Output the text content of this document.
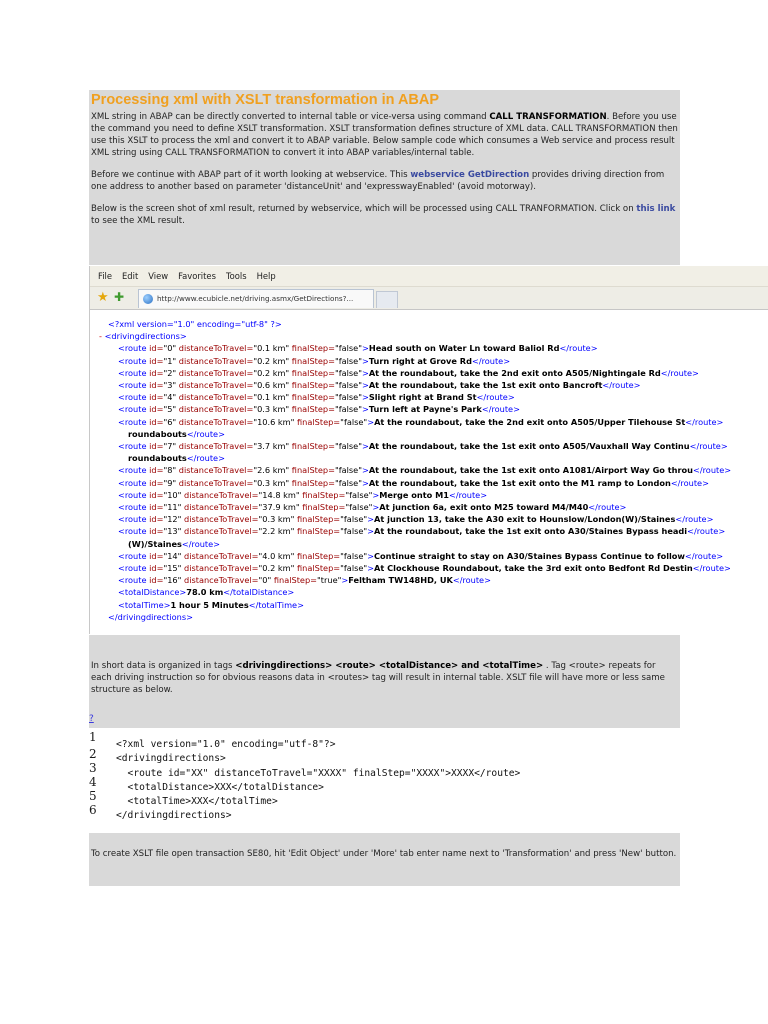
Processing xml with XSLT transformation in ABAP

XML string in ABAP can be directly converted to internal table or vice-versa using command CALL TRANSFORMATION. Before you use the command you need to define XSLT transformation. XSLT transformation defines structure of XML data. CALL TRANSFORMATION then use this XSLT to process the xml and convert it to ABAP variable. Below sample code which consumes a Web service and process result XML string using CALL TRANSFORMATION to convert it into ABAP variables/internal table.

Before we continue with ABAP part of it worth looking at webservice. This webservice GetDirection provides driving direction from one address to another based on parameter 'distanceUnit' and 'expresswayEnabled' (avoid motorway).

Below is the screen shot of xml result, returned by webservice, which will be processed using CALL TRANFORMATION. Click on this link to see the XML result.

File Edit View Favorites Tools Help
★ ✚	http://www.ecubicle.net/driving.asmx/GetDirections?...
<?xml version="1.0" encoding="utf-8" ?>
- <drivingdirections>
<route id="0" distanceToTravel="0.1 km" finalStep="false">Head south on Water Ln toward Baliol Rd</route>
<route id="1" distanceToTravel="0.2 km" finalStep="false">Turn right at Grove Rd</route>
<route id="2" distanceToTravel="0.2 km" finalStep="false">At the roundabout, take the 2nd exit onto A505/Nightingale Rd</route>
<route id="3" distanceToTravel="0.6 km" finalStep="false">At the roundabout, take the 1st exit onto Bancroft</route>
<route id="4" distanceToTravel="0.1 km" finalStep="false">Slight right at Brand St</route>
<route id="5" distanceToTravel="0.3 km" finalStep="false">Turn left at Payne's Park</route>
<route id="6" distanceToTravel="10.6 km" finalStep="false">At the roundabout, take the 2nd exit onto A505/Upper Tilehouse St</route>
roundabouts</route>
<route id="7" distanceToTravel="3.7 km" finalStep="false">At the roundabout, take the 1st exit onto A505/Vauxhall Way Continu</route>
roundabouts</route>
<route id="8" distanceToTravel="2.6 km" finalStep="false">At the roundabout, take the 1st exit onto A1081/Airport Way Go throu</route>
<route id="9" distanceToTravel="0.3 km" finalStep="false">At the roundabout, take the 1st exit onto the M1 ramp to London</route>
<route id="10" distanceToTravel="14.8 km" finalStep="false">Merge onto M1</route>
<route id="11" distanceToTravel="37.9 km" finalStep="false">At junction 6a, exit onto M25 toward M4/M40</route>
<route id="12" distanceToTravel="0.3 km" finalStep="false">At junction 13, take the A30 exit to Hounslow/London(W)/Staines</route>
<route id="13" distanceToTravel="2.2 km" finalStep="false">At the roundabout, take the 1st exit onto A30/Staines Bypass headi</route>
(W)/Staines</route>
<route id="14" distanceToTravel="4.0 km" finalStep="false">Continue straight to stay on A30/Staines Bypass Continue to follow</route>
<route id="15" distanceToTravel="0.2 km" finalStep="false">At Clockhouse Roundabout, take the 3rd exit onto Bedfont Rd Destin</route>
<route id="16" distanceToTravel="0" finalStep="true">Feltham TW148HD, UK</route>
<totalDistance>78.0 km</totalDistance>
<totalTime>1 hour 5 Minutes</totalTime>
</drivingdirections>

In short data is organized in tags <drivingdirections> <route> <totalDistance> and <totalTime> . Tag <route> repeats for each driving instruction so for obvious reasons data in <routes> tag will result in internal table. XSLT file will have more or less same structure as below.

?
1
2
3
4
5
6
<?xml version="1.0" encoding="utf-8"?>
<drivingdirections>
<route id="XX" distanceToTravel="XXXX" finalStep="XXXX">XXXX</route>
<totalDistance>XXX</totalDistance>
<totalTime>XXX</totalTime>
</drivingdirections>

To create XSLT file open transaction SE80, hit 'Edit Object' under 'More' tab enter name next to 'Transformation' and press 'New' button.
